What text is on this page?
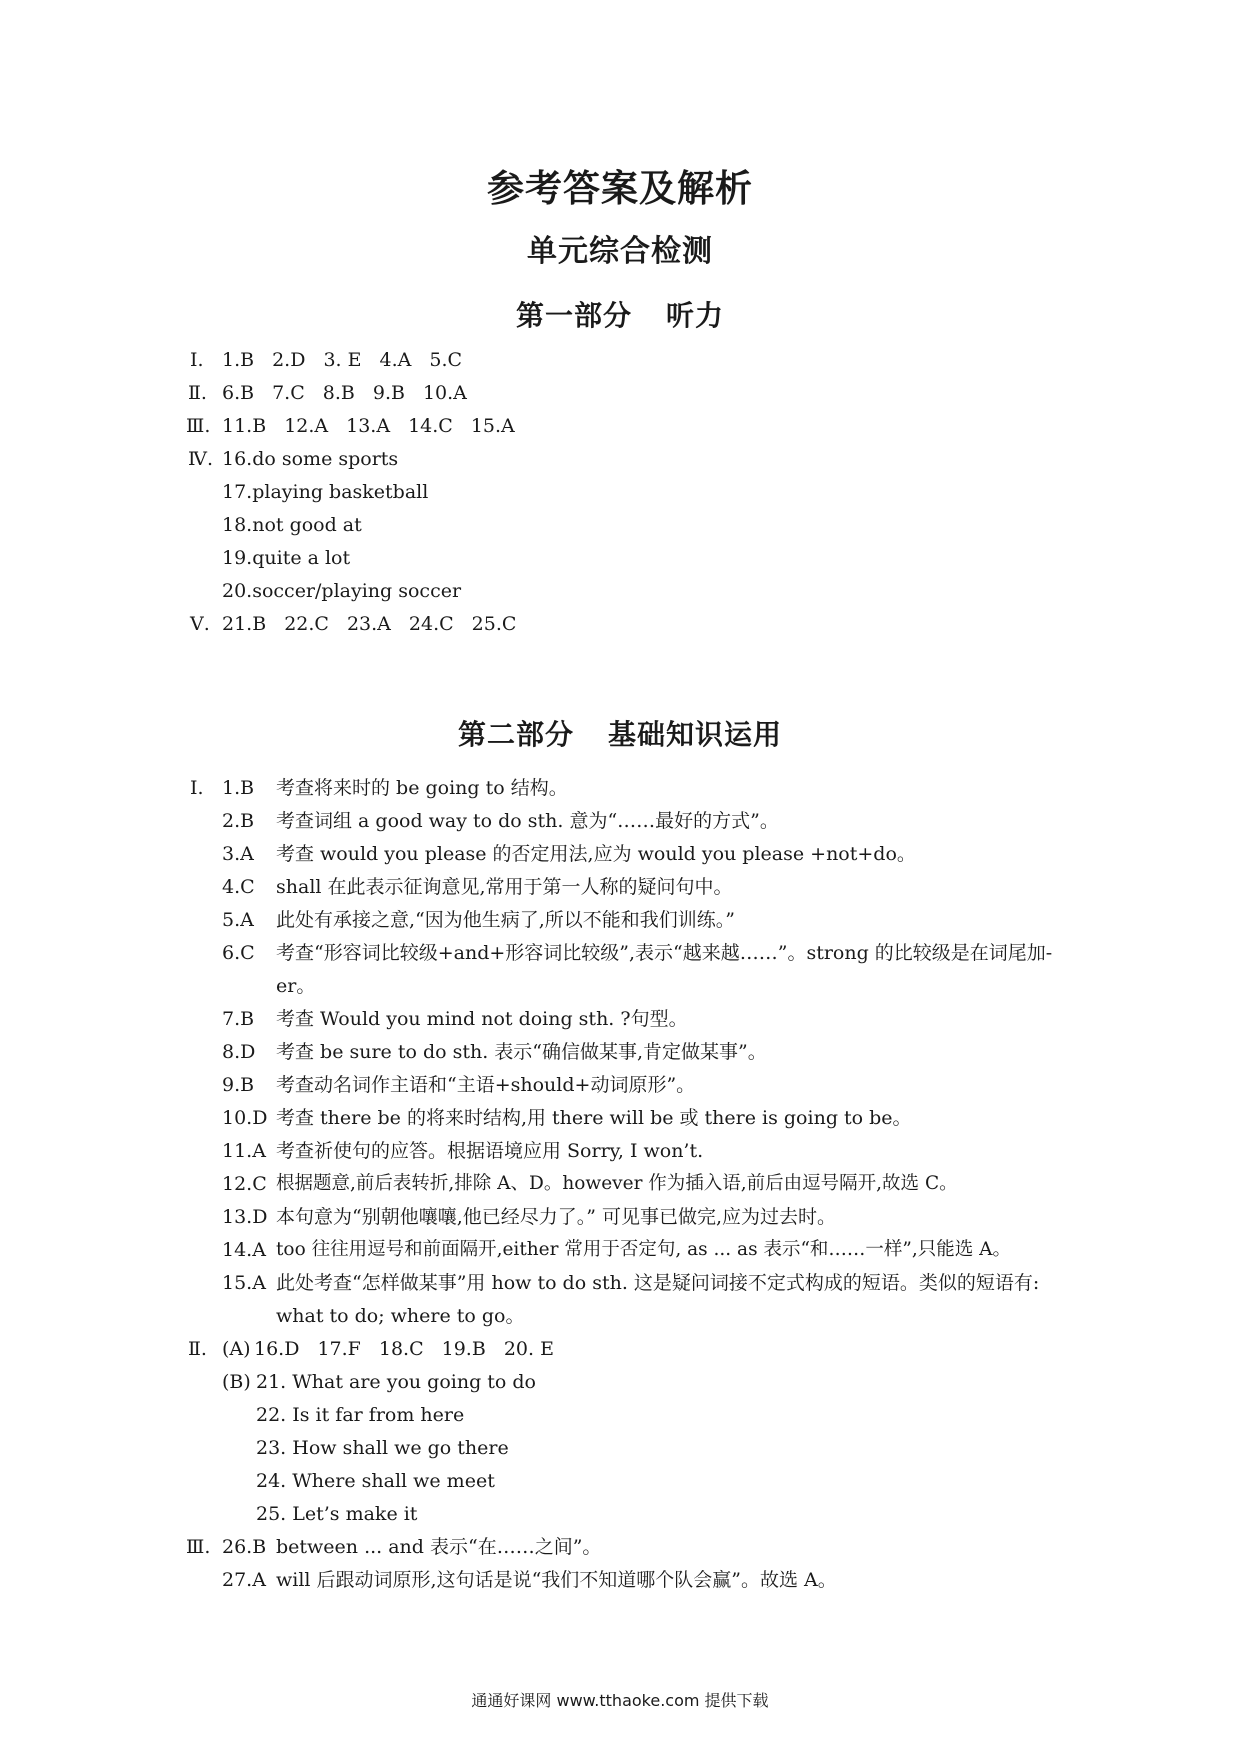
参考答案及解析
单元综合检测
第一部分 听力
Ⅰ. 1.B 2.D 3. E 4.A 5.C
Ⅱ. 6.B 7.C 8.B 9.B 10.A
Ⅲ. 11.B 12.A 13.A 14.C 15.A
Ⅳ. 16.do some sports
17.playing basketball
18.not good at
19.quite a lot
20.soccer/playing soccer
Ⅴ. 21.B 22.C 23.A 24.C 25.C
第二部分 基础知识运用
Ⅰ. 1.B 考查将来时的 be going to 结构。
2.B 考查词组 a good way to do sth. 意为“……最好的方式”。
3.A 考查 would you please 的否定用法,应为 would you please +not+do。
4.C shall 在此表示征询意见,常用于第一人称的疑问句中。
5.A 此处有承接之意,“因为他生病了,所以不能和我们训练。”
6.C 考查“形容词比较级+and+形容词比较级”,表示“越来越……”。strong 的比较级是在词尾加-er。
7.B 考查 Would you mind not doing sth. ?句型。
8.D 考查 be sure to do sth. 表示“确信做某事,肯定做某事”。
9.B 考查动名词作主语和“主语+should+动词原形”。
10.D 考查 there be 的将来时结构,用 there will be 或 there is going to be。
11.A 考查祈使句的应答。根据语境应用 Sorry, I won’t.
12.C 根据题意,前后表转折,排除 A、D。however 作为插入语,前后由逗号隔开,故选 C。
13.D 本句意为“别朝他嚷嚷,他已经尽力了。” 可见事已做完,应为过去时。
14.A too 往往用逗号和前面隔开,either 常用于否定句, as ... as 表示“和……一样”,只能选 A。
15.A 此处考查“怎样做某事”用 how to do sth. 这是疑问词接不定式构成的短语。类似的短语有: what to do; where to go。
Ⅱ. (A) 16.D 17.F 18.C 19.B 20. E
(B) 21. What are you going to do
22. Is it far from here
23. How shall we go there
24. Where shall we meet
25. Let’s make it
Ⅲ. 26.B between ... and 表示“在……之间”。
27.A will 后跟动词原形,这句话是说“我们不知道哪个队会赢”。故选 A。
通通好课网 www.tthaoke.com 提供下载
